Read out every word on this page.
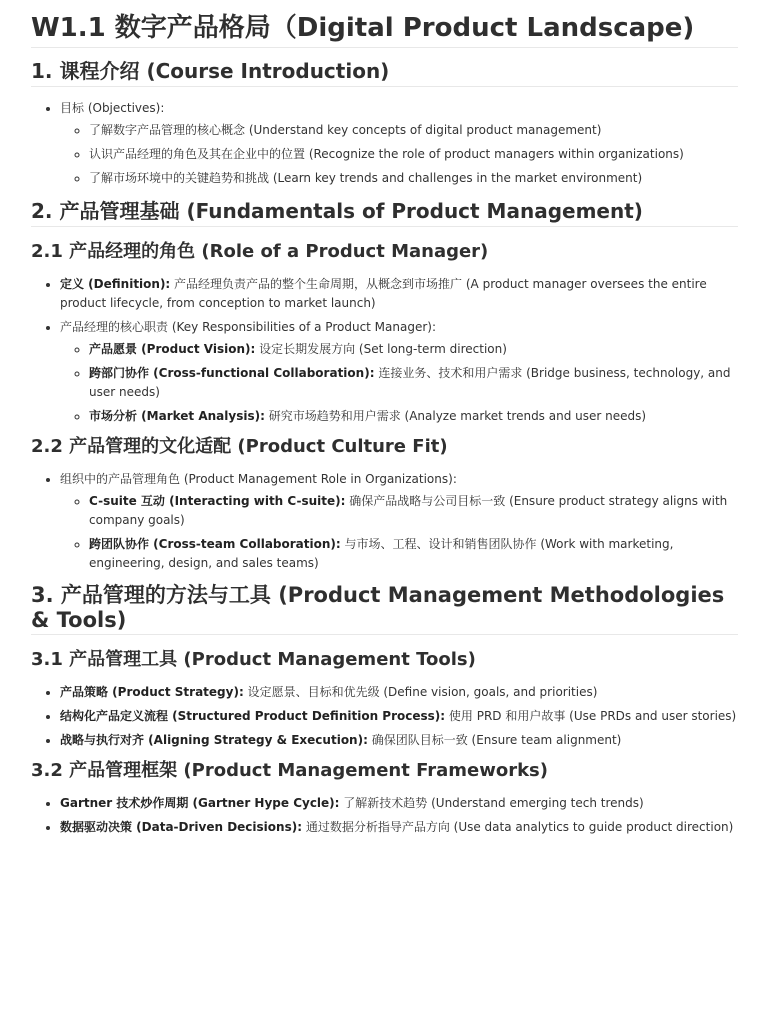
W1.1 数字产品格局（Digital Product Landscape)
1. 课程介绍 (Course Introduction)
• 目标 (Objectives):
◦ 了解数字产品管理的核心概念 (Understand key concepts of digital product management)
◦ 认识产品经理的角色及其在企业中的位置 (Recognize the role of product managers within organizations)
◦ 了解市场环境中的关键趋势和挑战 (Learn key trends and challenges in the market environment)
2. 产品管理基础 (Fundamentals of Product Management)
2.1 产品经理的角色 (Role of a Product Manager)
• 定义 (Definition): 产品经理负责产品的整个生命周期，从概念到市场推广 (A product manager oversees the entire product lifecycle, from conception to market launch)
• 产品经理的核心职责 (Key Responsibilities of a Product Manager):
◦ 产品愿景 (Product Vision): 设定长期发展方向 (Set long-term direction)
◦ 跨部门协作 (Cross-functional Collaboration): 连接业务、技术和用户需求 (Bridge business, technology, and user needs)
◦ 市场分析 (Market Analysis): 研究市场趋势和用户需求 (Analyze market trends and user needs)
2.2 产品管理的文化适配 (Product Culture Fit)
• 组织中的产品管理角色 (Product Management Role in Organizations):
◦ C-suite 互动 (Interacting with C-suite): 确保产品战略与公司目标一致 (Ensure product strategy aligns with company goals)
◦ 跨团队协作 (Cross-team Collaboration): 与市场、工程、设计和销售团队协作 (Work with marketing, engineering, design, and sales teams)
3. 产品管理的方法与工具 (Product Management Methodologies & Tools)
3.1 产品管理工具 (Product Management Tools)
• 产品策略 (Product Strategy): 设定愿景、目标和优先级 (Define vision, goals, and priorities)
• 结构化产品定义流程 (Structured Product Definition Process): 使用 PRD 和用户故事 (Use PRDs and user stories)
• 战略与执行对齐 (Aligning Strategy & Execution): 确保团队目标一致 (Ensure team alignment)
3.2 产品管理框架 (Product Management Frameworks)
• Gartner 技术炒作周期 (Gartner Hype Cycle): 了解新技术趋势 (Understand emerging tech trends)
• 数据驱动决策 (Data-Driven Decisions): 通过数据分析指导产品方向 (Use data analytics to guide product direction)
